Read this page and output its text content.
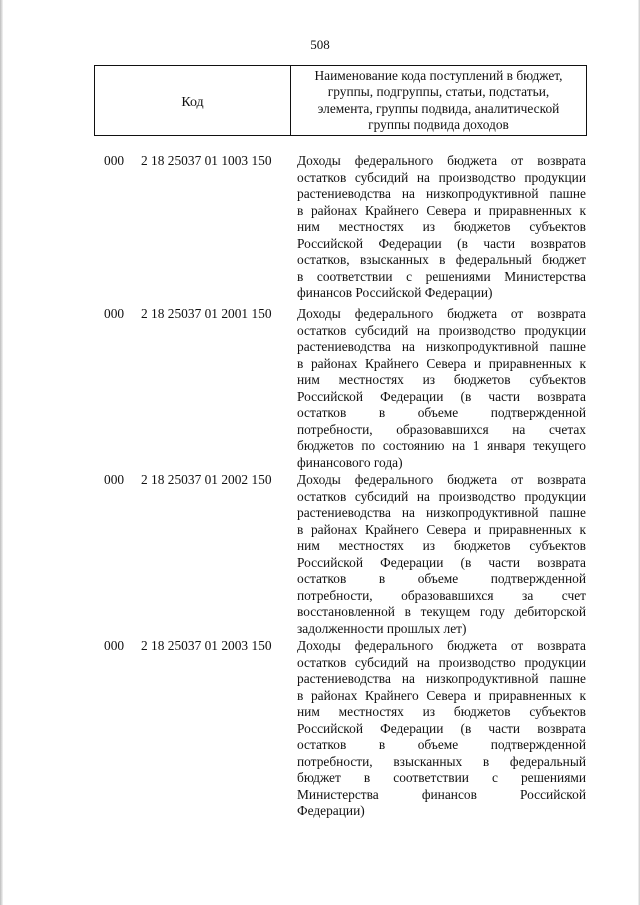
508
Код
Наименование кода поступлений в бюджет,
группы, подгруппы, статьи, подстатьи,
элемента, группы подвида, аналитической
группы подвида доходов
000 2 18 25037 01 1003 150 Доходы федерального бюджета от возврата
остатков субсидий на производство продукции
растениеводства на низкопродуктивной пашне
в районах Крайнего Севера и приравненных к
ним местностях из бюджетов субъектов
Российской Федерации (в части возвратов
остатков, взысканных в федеральный бюджет
в соответствии с решениями Министерства
финансов Российской Федерации)
000 2 18 25037 01 2001 150 Доходы федерального бюджета от возврата
остатков субсидий на производство продукции
растениеводства на низкопродуктивной пашне
в районах Крайнего Севера и приравненных к
ним местностях из бюджетов субъектов
Российской Федерации (в части возврата
остатков в объеме подтвержденной
потребности, образовавшихся на счетах
бюджетов по состоянию на 1 января текущего
финансового года)
000 2 18 25037 01 2002 150 Доходы федерального бюджета от возврата
остатков субсидий на производство продукции
растениеводства на низкопродуктивной пашне
в районах Крайнего Севера и приравненных к
ним местностях из бюджетов субъектов
Российской Федерации (в части возврата
остатков в объеме подтвержденной
потребности, образовавшихся за счет
восстановленной в текущем году дебиторской
задолженности прошлых лет)
000 2 18 25037 01 2003 150 Доходы федерального бюджета от возврата
остатков субсидий на производство продукции
растениеводства на низкопродуктивной пашне
в районах Крайнего Севера и приравненных к
ним местностях из бюджетов субъектов
Российской Федерации (в части возврата
остатков в объеме подтвержденной
потребности, взысканных в федеральный
бюджет в соответствии с решениями
Министерства финансов Российской
Федерации)
